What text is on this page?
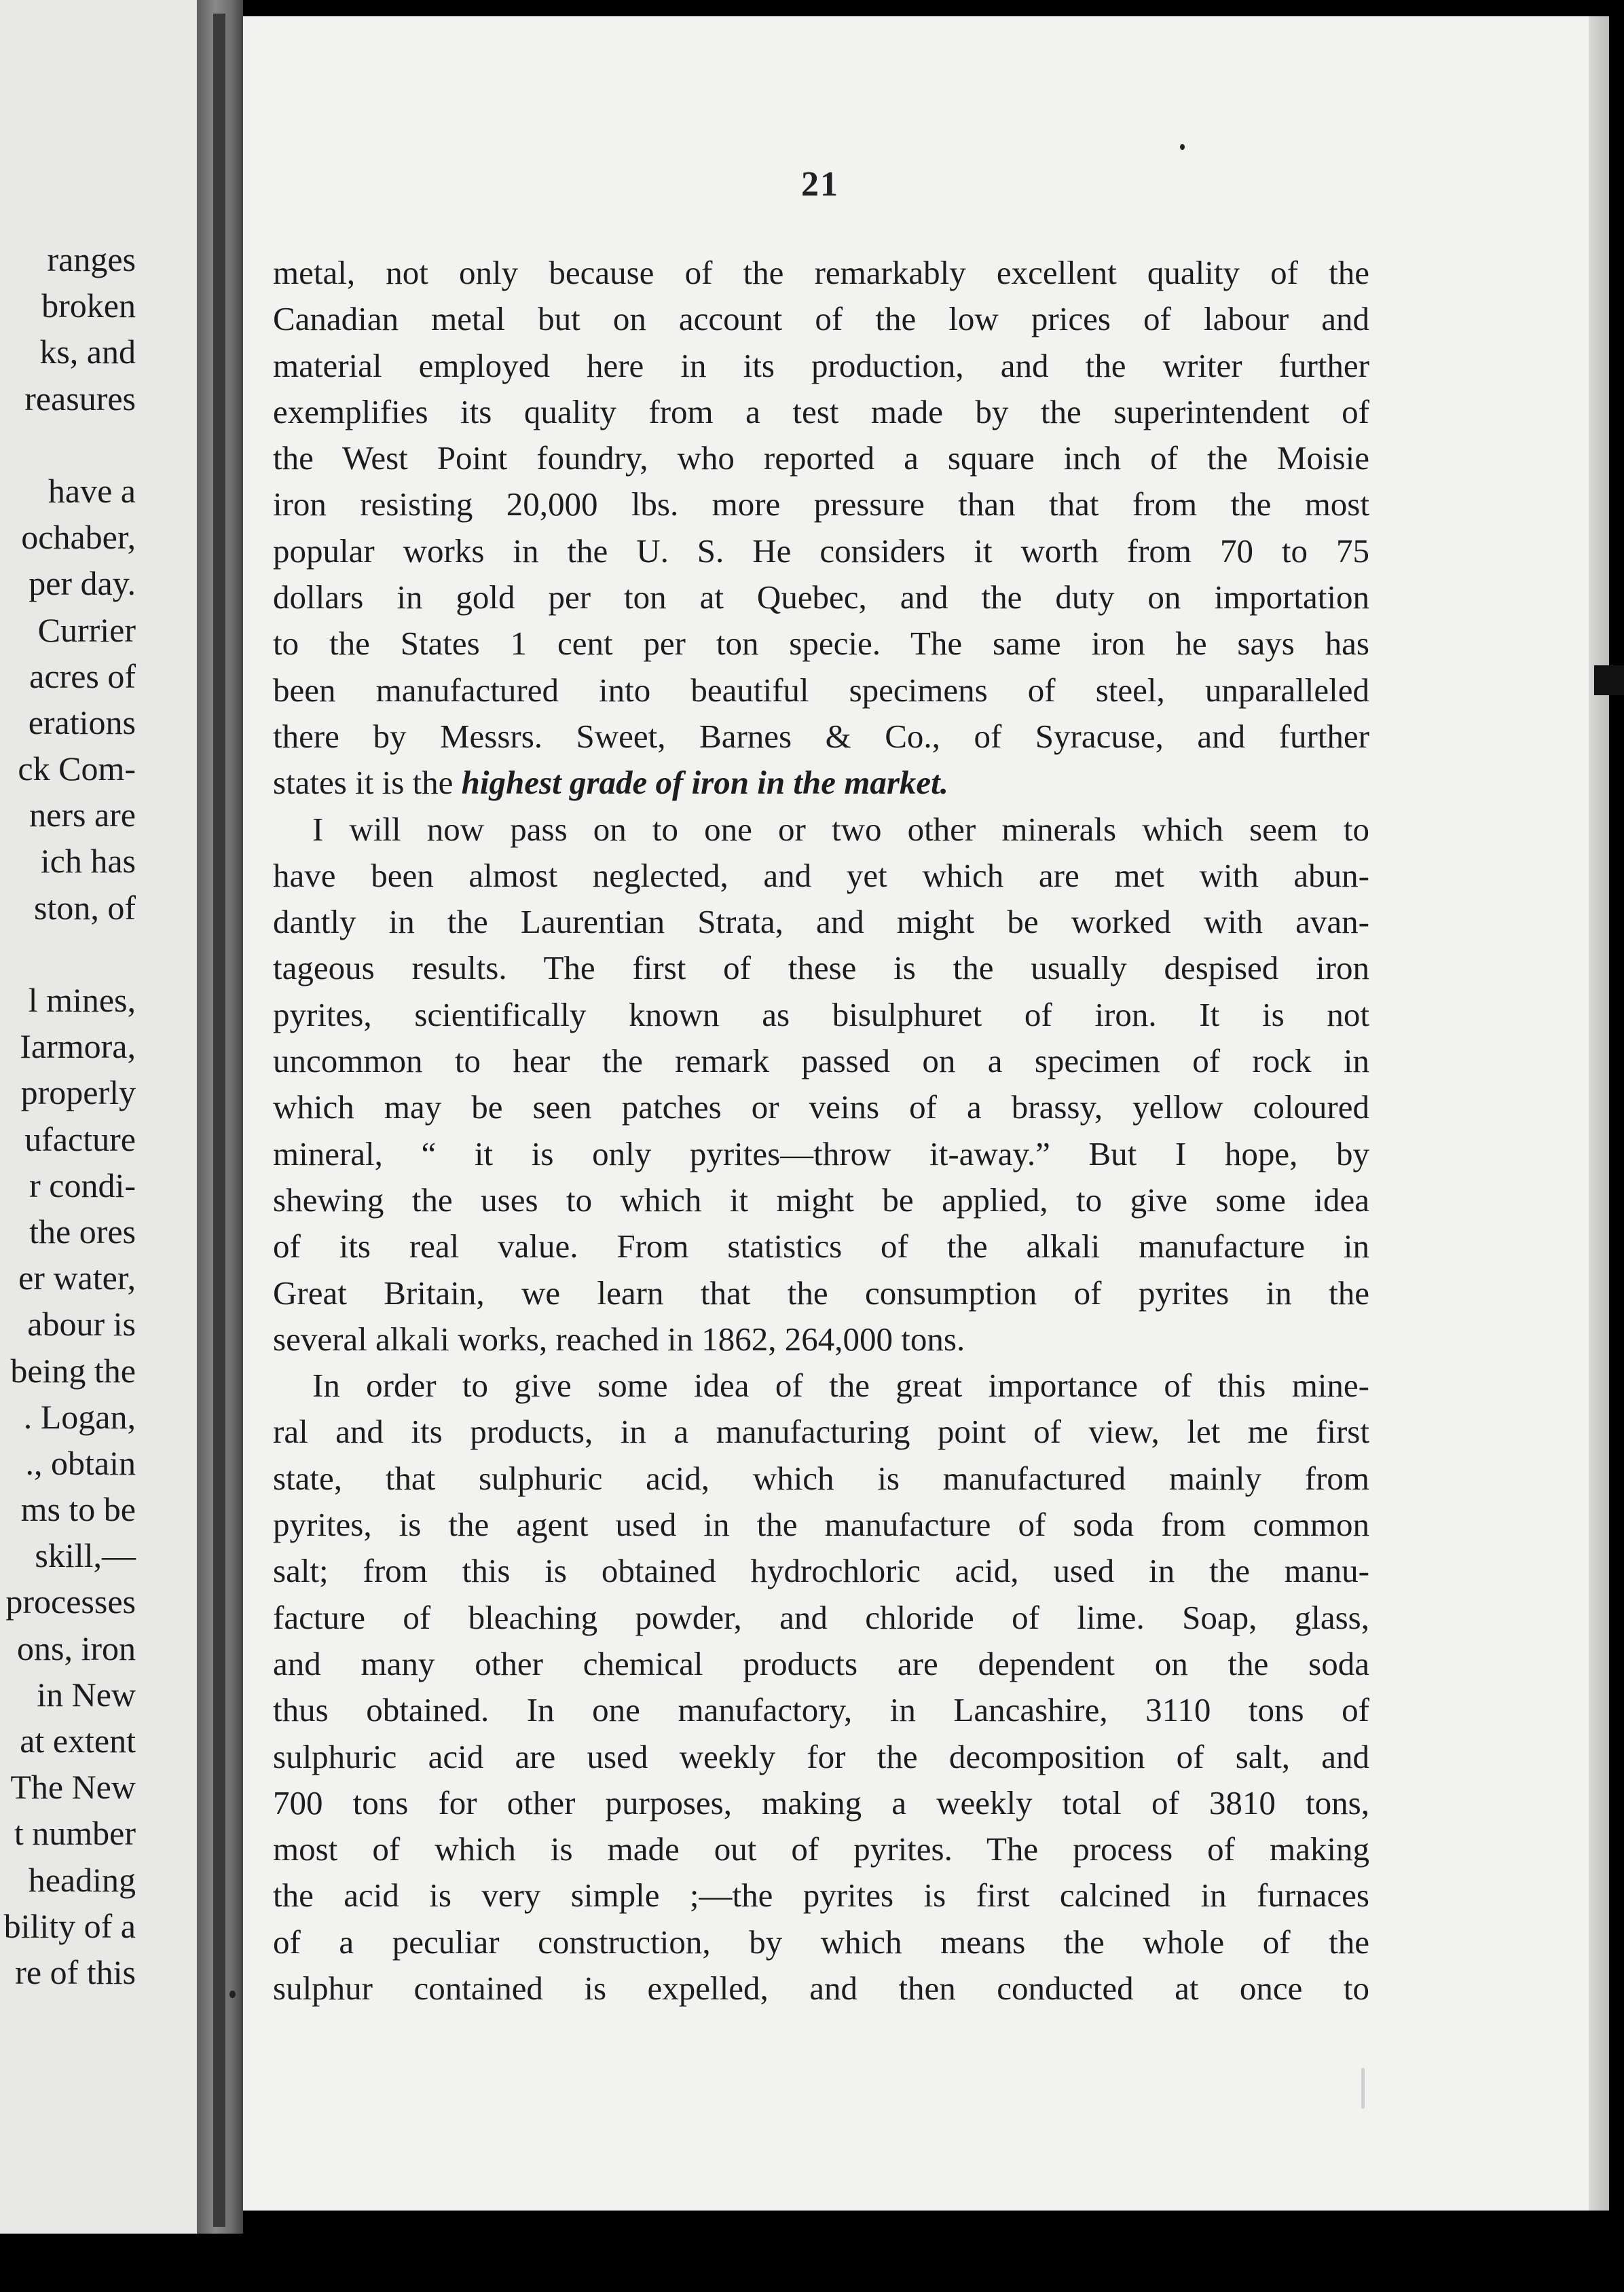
ranges
broken
ks, and
reasures
have a
ochaber,
per day.
Currier
acres of
erations
ck Com-
ners are
ich has
ston, of
l mines,
Iarmora,
properly
ufacture
r condi-
the ores
er water,
abour is
being the
. Logan,
., obtain
ms to be
skill,—
processes
ons, iron
in New
at extent
The New
t number
heading
bility of a
re of this
21
metal, not only because of the remarkably excellent quality of the
Canadian metal but on account of the low prices of labour and
material employed here in its production, and the writer further
exemplifies its quality from a test made by the superintendent of
the West Point foundry, who reported a square inch of the Moisie
iron resisting 20,000 lbs. more pressure than that from the most
popular works in the U. S. He considers it worth from 70 to 75
dollars in gold per ton at Quebec, and the duty on importation
to the States 1 cent per ton specie. The same iron he says has
been manufactured into beautiful specimens of steel, unparalleled
there by Messrs. Sweet, Barnes & Co., of Syracuse, and further
states it is the highest grade of iron in the market.
I will now pass on to one or two other minerals which seem to
have been almost neglected, and yet which are met with abun-
dantly in the Laurentian Strata, and might be worked with avan-
tageous results. The first of these is the usually despised iron
pyrites, scientifically known as bisulphuret of iron. It is not
uncommon to hear the remark passed on a specimen of rock in
which may be seen patches or veins of a brassy, yellow coloured
mineral, “ it is only pyrites—throw it-away.” But I hope, by
shewing the uses to which it might be applied, to give some idea
of its real value. From statistics of the alkali manufacture in
Great Britain, we learn that the consumption of pyrites in the
several alkali works, reached in 1862, 264,000 tons.
In order to give some idea of the great importance of this mine-
ral and its products, in a manufacturing point of view, let me first
state, that sulphuric acid, which is manufactured mainly from
pyrites, is the agent used in the manufacture of soda from common
salt; from this is obtained hydrochloric acid, used in the manu-
facture of bleaching powder, and chloride of lime. Soap, glass,
and many other chemical products are dependent on the soda
thus obtained. In one manufactory, in Lancashire, 3110 tons of
sulphuric acid are used weekly for the decomposition of salt, and
700 tons for other purposes, making a weekly total of 3810 tons,
most of which is made out of pyrites. The process of making
the acid is very simple ;—the pyrites is first calcined in furnaces
of a peculiar construction, by which means the whole of the
sulphur contained is expelled, and then conducted at once to
